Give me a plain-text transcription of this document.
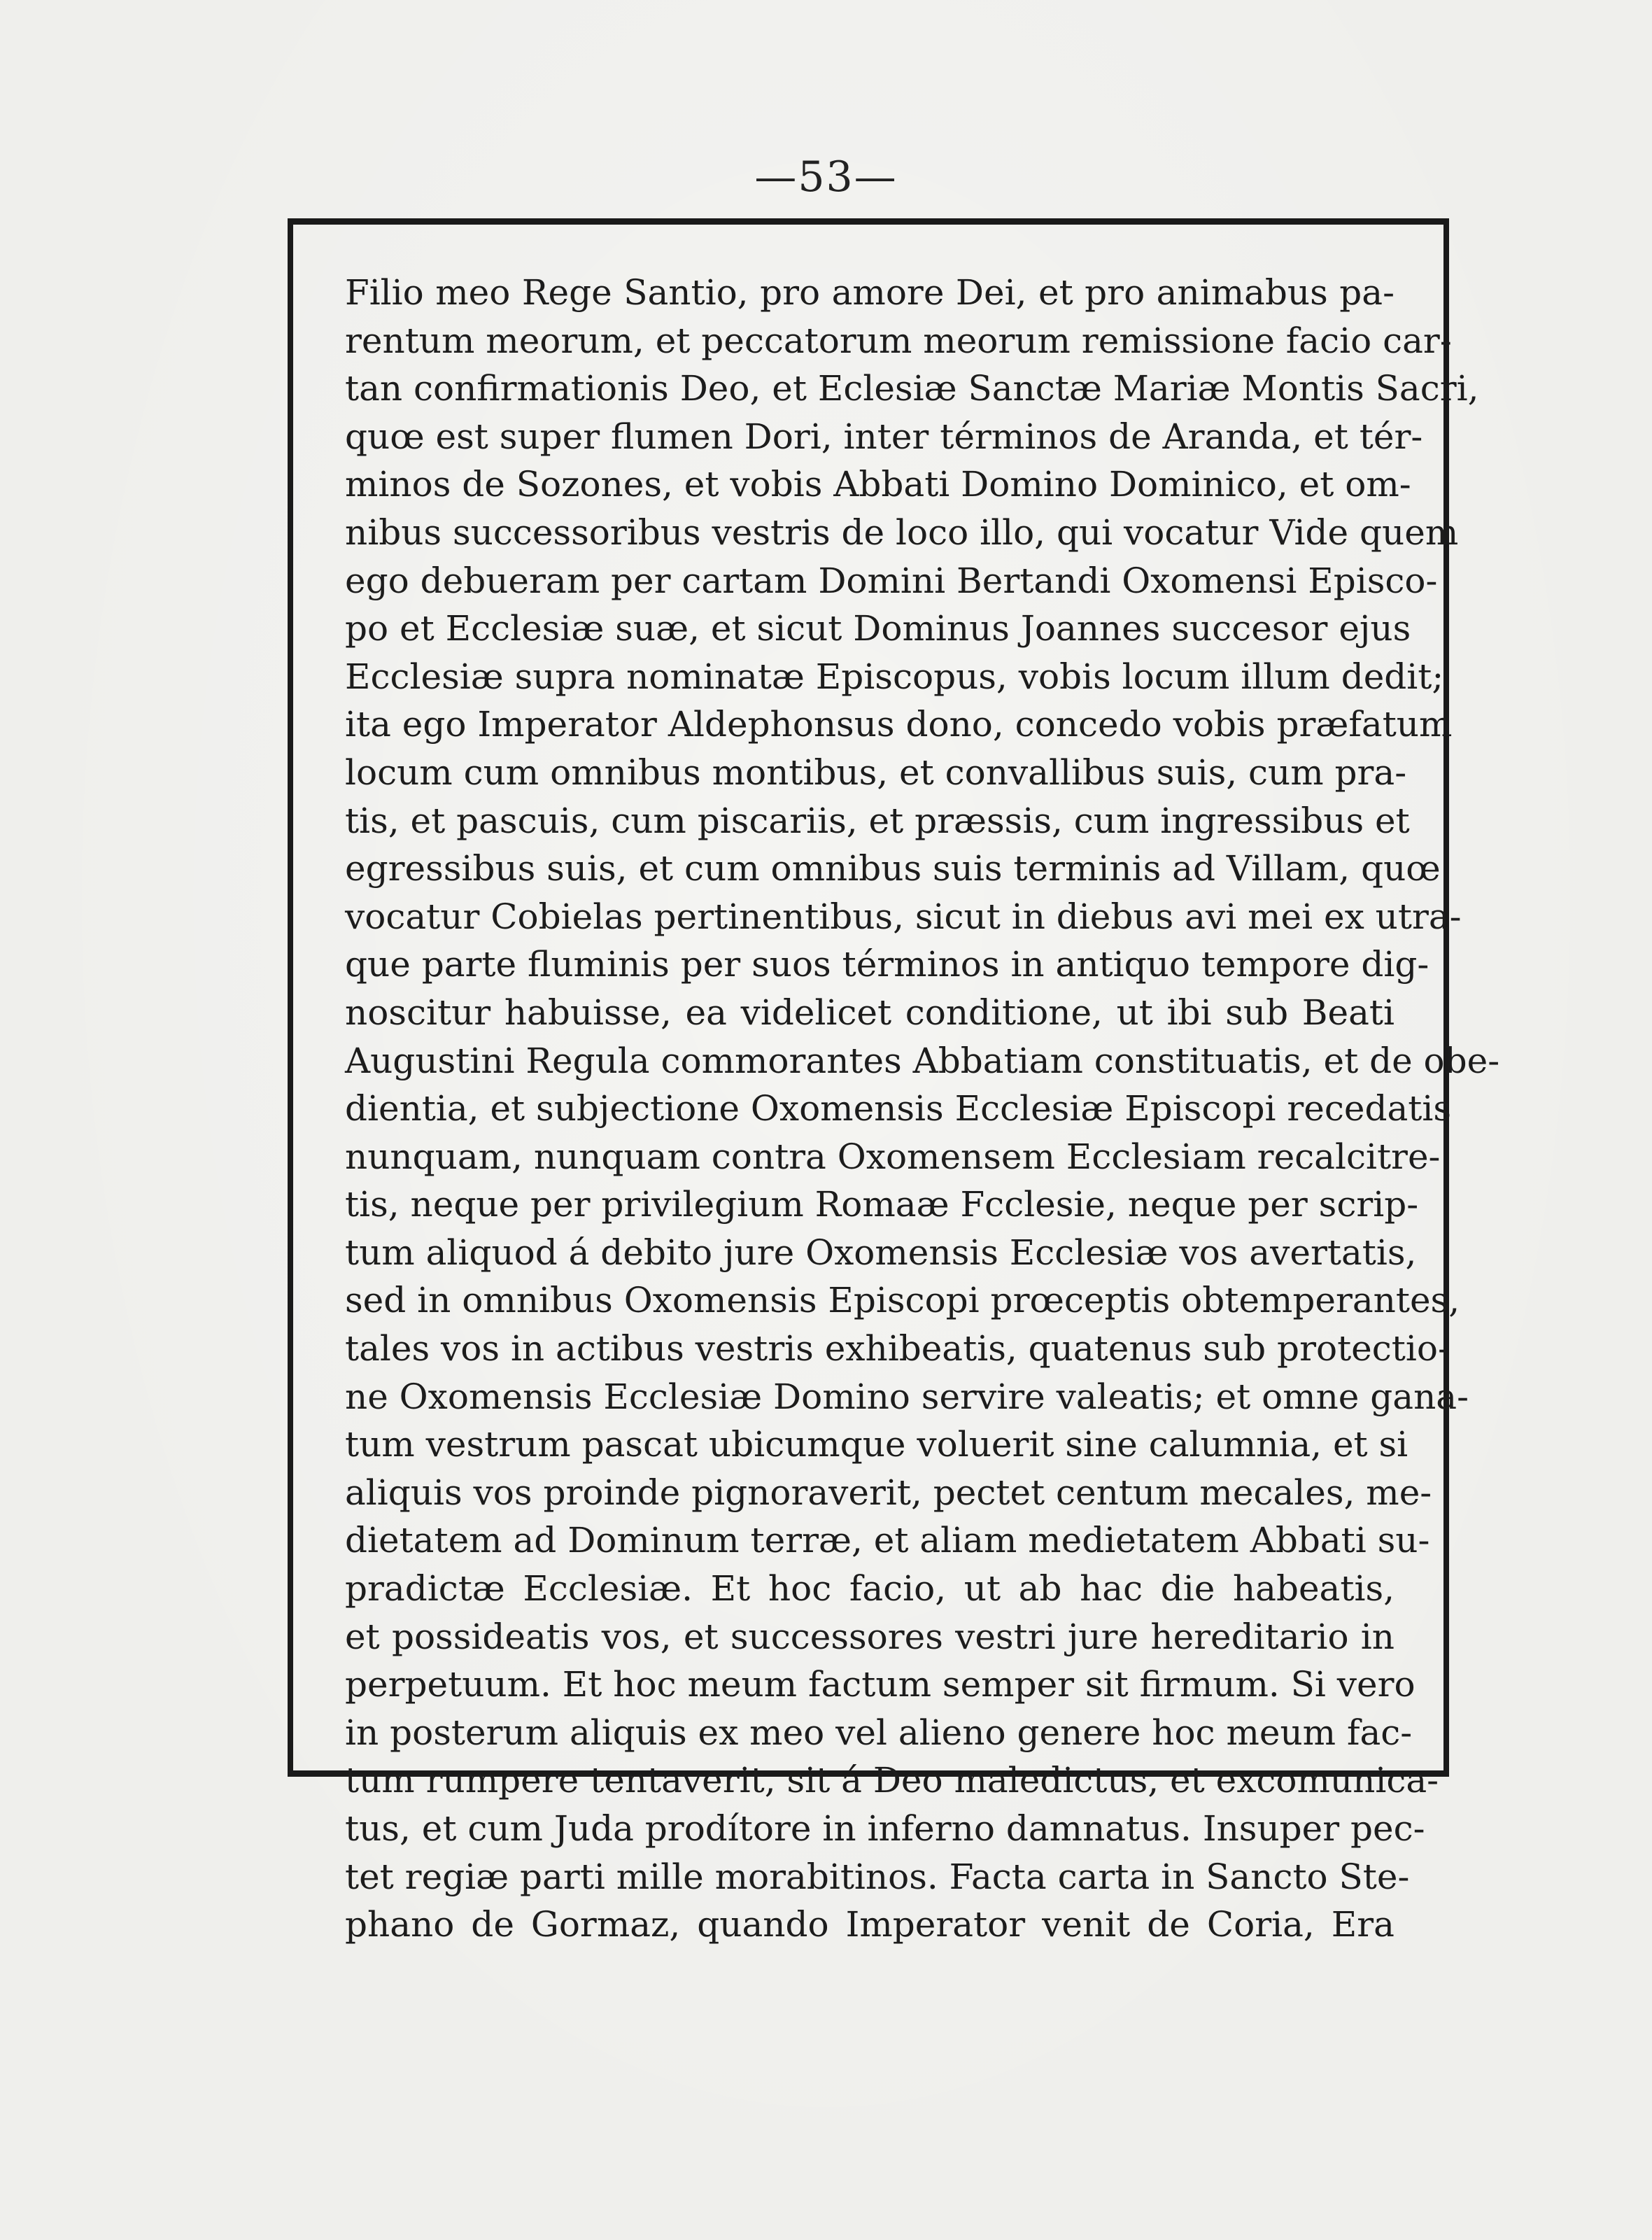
—53—
Filio meo Rege Santio, pro amore Dei, et pro animabus pa-
rentum meorum, et peccatorum meorum remissione facio car-
tan confirmationis Deo, et Eclesiæ Sanctæ Mariæ Montis Sacri,
quœ est super flumen Dori, inter términos de Aranda, et tér-
minos de Sozones, et vobis Abbati Domino Dominico, et om-
nibus successoribus vestris de loco illo, qui vocatur Vide quem
ego debueram per cartam Domini Bertandi Oxomensi Episco-
po et Ecclesiæ suæ, et sicut Dominus Joannes succesor ejus
Ecclesiæ supra nominatæ Episcopus, vobis locum illum dedit;
ita ego Imperator Aldephonsus dono, concedo vobis præfatum
locum cum omnibus montibus, et convallibus suis, cum pra-
tis, et pascuis, cum piscariis, et præssis, cum ingressibus et
egressibus suis, et cum omnibus suis terminis ad Villam, quœ
vocatur Cobielas pertinentibus, sicut in diebus avi mei ex utra-
que parte fluminis per suos términos in antiquo tempore dig-
noscitur habuisse, ea videlicet conditione, ut ibi sub Beati
Augustini Regula commorantes Abbatiam constituatis, et de obe-
dientia, et subjectione Oxomensis Ecclesiæ Episcopi recedatis
nunquam, nunquam contra Oxomensem Ecclesiam recalcitre-
tis, neque per privilegium Romaæ Fcclesie, neque per scrip-
tum aliquod á debito jure Oxomensis Ecclesiæ vos avertatis,
sed in omnibus Oxomensis Episcopi prœceptis obtemperantes,
tales vos in actibus vestris exhibeatis, quatenus sub protectio-
ne Oxomensis Ecclesiæ Domino servire valeatis; et omne gana-
tum vestrum pascat ubicumque voluerit sine calumnia, et si
aliquis vos proinde pignoraverit, pectet centum mecales, me-
dietatem ad Dominum terræ, et aliam medietatem Abbati su-
pradictæ Ecclesiæ. Et hoc facio, ut ab hac die habeatis,
et possideatis vos, et successores vestri jure hereditario in
perpetuum. Et hoc meum factum semper sit firmum. Si vero
in posterum aliquis ex meo vel alieno genere hoc meum fac-
tum rumpere tentaverit, sit á Deo maledictus, et excomunica-
tus, et cum Juda prodítore in inferno damnatus. Insuper pec-
tet regiæ parti mille morabitinos. Facta carta in Sancto Ste-
phano de Gormaz, quando Imperator venit de Coria, Era
